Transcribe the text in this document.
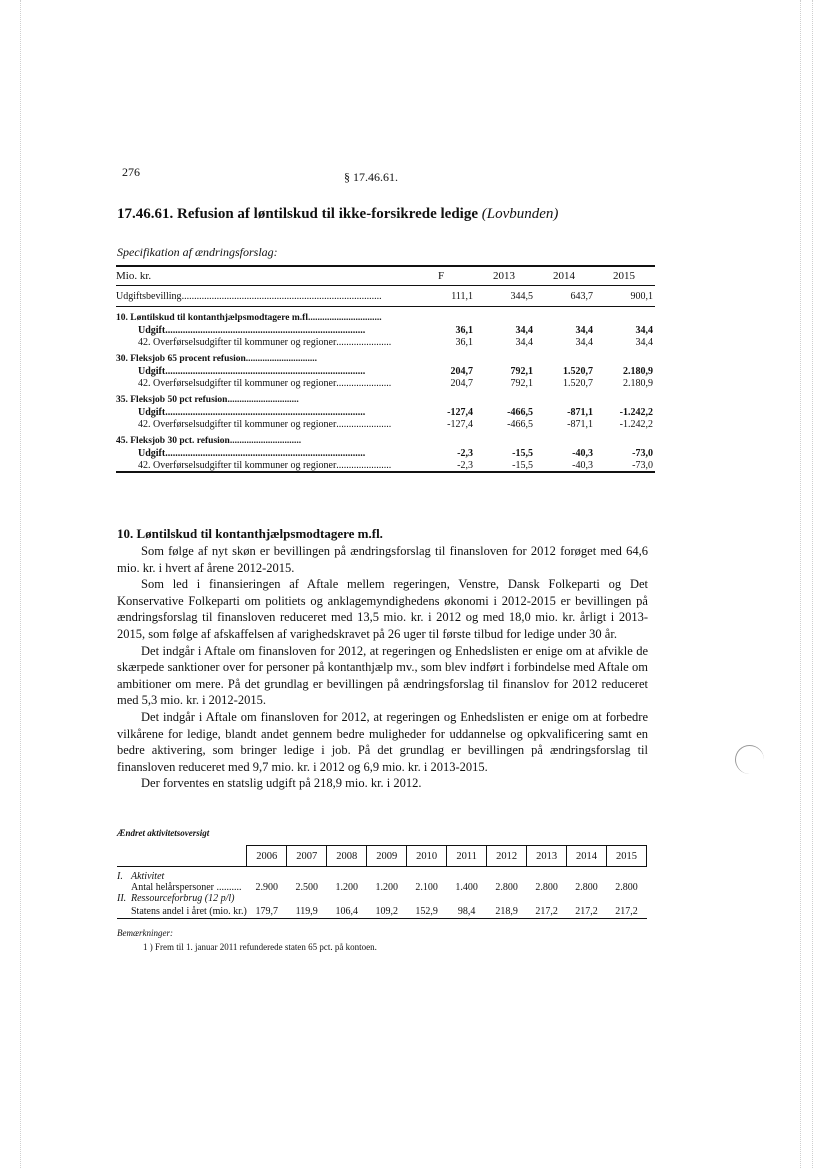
276	§ 17.46.61.
17.46.61. Refusion af løntilskud til ikke-forsikrede ledige (Lovbunden)
Specifikation af ændringsforslag:
Mio. kr.	F	2013	2014	2015
Udgiftsbevilling................................................................................	111,1	344,5	643,7	900,1

10. Løntilskud til kontanthjælpsmodtagere m.fl...............................				
Udgift................................................................................	36,1	34,4	34,4	34,4
42. Overførselsudgifter til kommuner og regioner......................	36,1	34,4	34,4	34,4

30. Fleksjob 65 procent refusion..............................				
Udgift................................................................................	204,7	792,1	1.520,7	2.180,9
42. Overførselsudgifter til kommuner og regioner......................	204,7	792,1	1.520,7	2.180,9

35. Fleksjob 50 pct refusion..............................				
Udgift................................................................................	-127,4	-466,5	-871,1	-1.242,2
42. Overførselsudgifter til kommuner og regioner......................	-127,4	-466,5	-871,1	-1.242,2

45. Fleksjob 30 pct. refusion..............................				
Udgift................................................................................	-2,3	-15,5	-40,3	-73,0
42. Overførselsudgifter til kommuner og regioner......................	-2,3	-15,5	-40,3	-73,0
10. Løntilskud til kontanthjælpsmodtagere m.fl.

Som følge af nyt skøn er bevillingen på ændringsforslag til finansloven for 2012 forøget med 64,6 mio. kr. i hvert af årene 2012-2015.

Som led i finansieringen af Aftale mellem regeringen, Venstre, Dansk Folkeparti og Det Konservative Folkeparti om politiets og anklagemyndighedens økonomi i 2012-2015 er bevillingen på ændringsforslag til finansloven reduceret med 13,5 mio. kr. i 2012 og med 18,0 mio. kr. årligt i 2013-2015, som følge af afskaffelsen af varighedskravet på 26 uger til første tilbud for ledige under 30 år.

Det indgår i Aftale om finansloven for 2012, at regeringen og Enhedslisten er enige om at afvikle de skærpede sanktioner over for personer på kontanthjælp mv., som blev indført i forbindelse med Aftale om ambitioner om mere. På det grundlag er bevillingen på ændringsforslag til finanslov for 2012 reduceret med 5,3 mio. kr. i 2012-2015.

Det indgår i Aftale om finansloven for 2012, at regeringen og Enhedslisten er enige om at forbedre vilkårene for ledige, blandt andet gennem bedre muligheder for uddannelse og opkvalificering samt en bedre aktivering, som bringer ledige i job. På det grundlag er bevillingen på ændringsforslag til finansloven reduceret med 9,7 mio. kr. i 2012 og 6,9 mio. kr. i 2013-2015.

Der forventes en statslig udgift på 218,9 mio. kr. i 2012.

Ændret aktivitetsoversigt
		2006	2007	2008	2009	2010	2011	2012	2013	2014	2015

I.	Aktivitet										
	Antal helårspersoner ..........	2.900	2.500	1.200	1.200	2.100	1.400	2.800	2.800	2.800	2.800
II.	Ressourceforbrug (12 p/l)										
	Statens andel i året (mio. kr.)	179,7	119,9	106,4	109,2	152,9	98,4	218,9	217,2	217,2	217,2
Bemærkninger:
1 ) Frem til 1. januar 2011 refunderede staten 65 pct. på kontoen.
